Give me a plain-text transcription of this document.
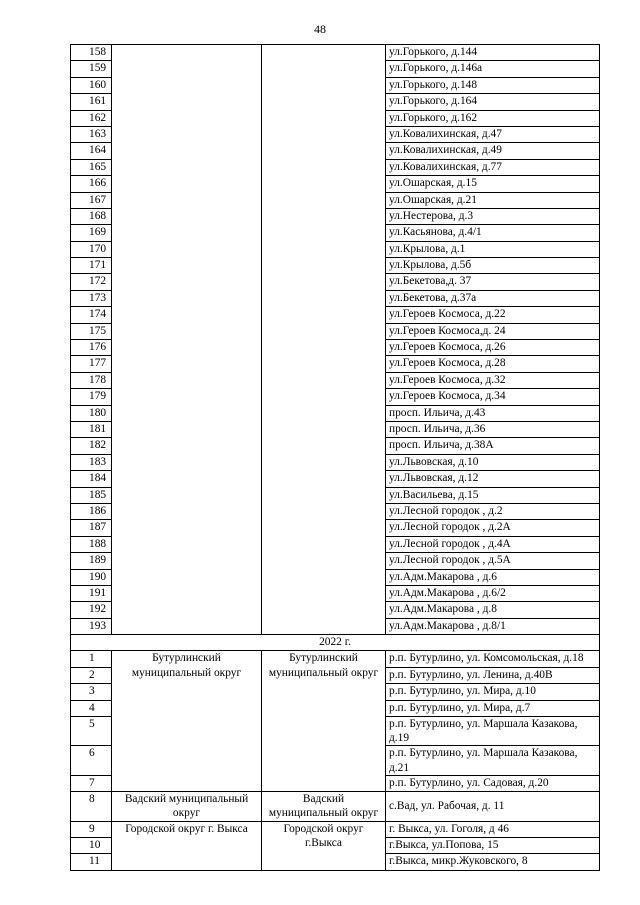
48
158			ул.Горького, д.144
159			ул.Горького, д.146а
160			ул.Горького, д.148
161			ул.Горького, д.164
162			ул.Горького, д.162
163			ул.Ковалихинская, д.47
164			ул.Ковалихинская, д.49
165			ул.Ковалихинская, д.77
166			ул.Ошарская, д.15
167			ул.Ошарская, д.21
168			ул.Нестерова, д.3
169			ул.Касьянова, д.4/1
170			ул.Крылова, д.1
171			ул.Крылова, д.5б
172			ул.Бекетова,д. 37
173			ул.Бекетова, д.37а
174			ул.Героев Космоса, д.22
175			ул.Героев Космоса,д. 24
176			ул.Героев Космоса, д.26
177			ул.Героев Космоса, д.28
178			ул.Героев Космоса, д.32
179			ул.Героев Космоса, д.34
180			просп. Ильича, д.43
181			просп. Ильича, д.36
182			просп. Ильича, д.38А
183			ул.Львовская, д.10
184			ул.Львовская, д.12
185			ул.Васильева, д.15
186			ул.Лесной городок , д.2
187			ул.Лесной городок , д.2А
188			ул.Лесной городок , д.4А
189			ул.Лесной городок , д.5А
190			ул.Адм.Макарова , д.6
191			ул.Адм.Макарова , д.6/2
192			ул.Адм.Макарова , д.8
193			ул.Адм.Макарова , д.8/1
2022 г.			
1	Бутурлинский муниципальный округ	Бутурлинский муниципальный округ	р.п. Бутурлино, ул. Комсомольская, д.18
2			р.п. Бутурлино, ул. Ленина, д.40В
3			р.п. Бутурлино, ул. Мира, д.10
4			р.п. Бутурлино, ул. Мира, д.7
5			р.п. Бутурлино, ул. Маршала Казакова, д.19
6			р.п. Бутурлино, ул. Маршала Казакова, д.21
7			р.п. Бутурлино, ул. Садовая, д.20
8	Вадский муниципальный округ	Вадский муниципальный округ	с.Вад, ул. Рабочая, д. 11
9	Городской округ г. Выкса	Городской округ г.Выкса	г. Выкса, ул. Гоголя, д 46
10			г.Выкса, ул.Попова, 15
11			г.Выкса, микр.Жуковского, 8
